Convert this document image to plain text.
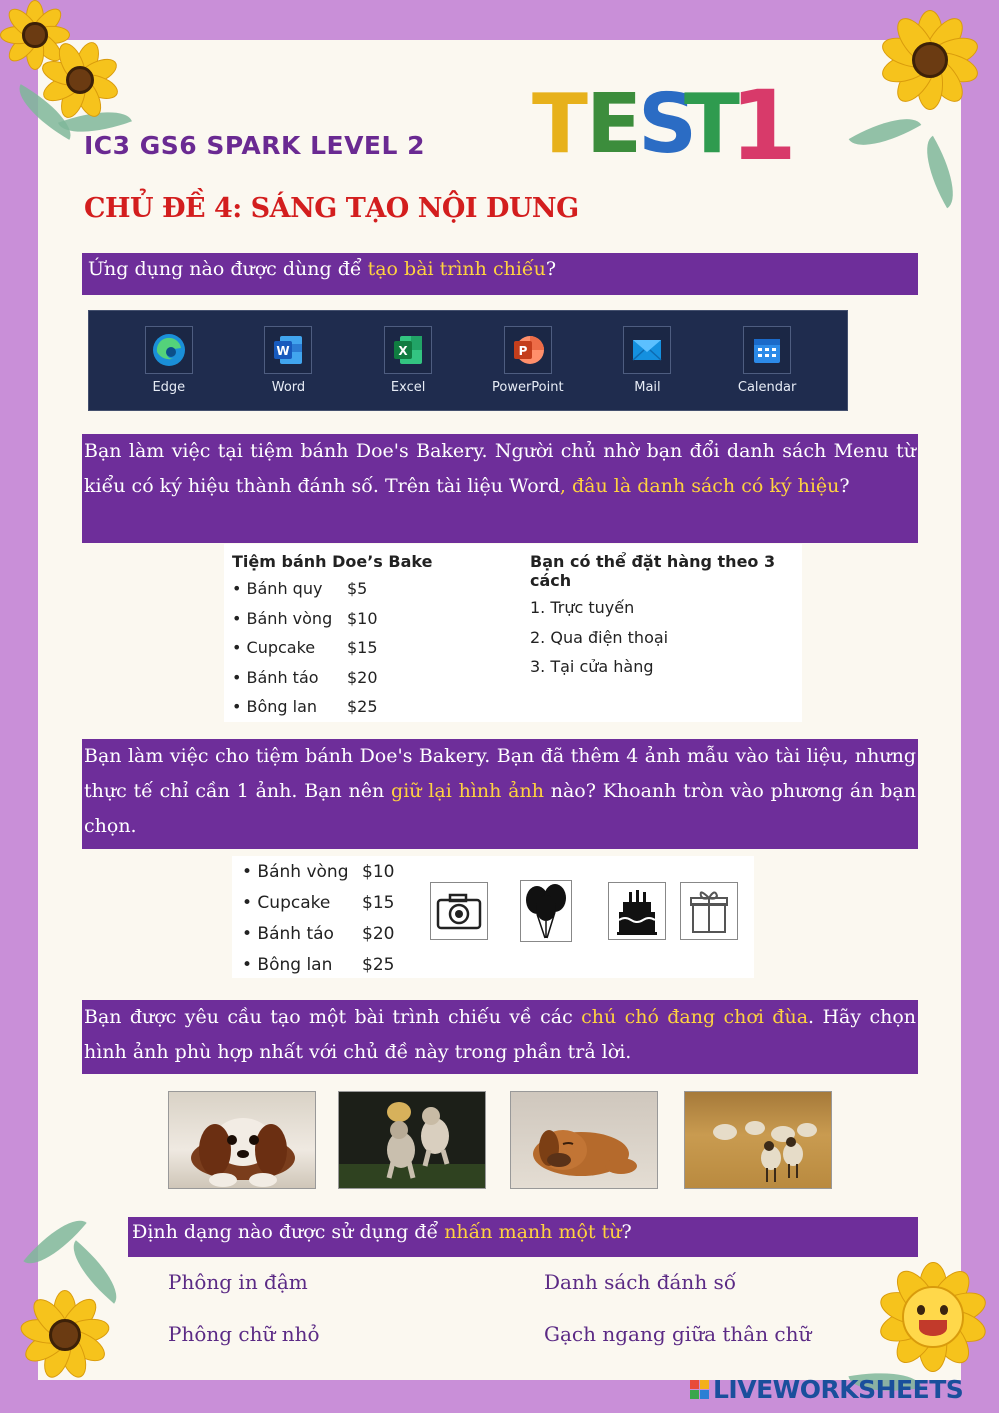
IC3 GS6 SPARK LEVEL 2
CHỦ ĐỀ 4: SÁNG TẠO NỘI DUNG
T
E
S
T
1
Ứng dụng nào được dùng để tạo bài trình chiếu?
Edge
W
Word
X
Excel
P
PowerPoint	Mail	Calendar

Bạn làm việc tại tiệm bánh Doe's Bakery. Người chủ nhờ bạn đổi danh sách Menu từ kiểu có ký hiệu thành đánh số. Trên tài liệu Word, đâu là danh sách có ký hiệu?

Tiệm bánh Doe’s Bake
• Bánh quy $5
• Bánh vòng $10
• Cupcake $15
• Bánh táo $20
• Bông lan $25
Bạn có thể đặt hàng theo 3 cách
1. Trực tuyến
2. Qua điện thoại
3. Tại cửa hàng

Bạn làm việc cho tiệm bánh Doe's Bakery. Bạn đã thêm 4 ảnh mẫu vào tài liệu, nhưng thực tế chỉ cần 1 ảnh. Bạn nên giữ lại hình ảnh nào? Khoanh tròn vào phương án bạn chọn.

• Bánh vòng $10
• Cupcake $15
• Bánh táo $20
• Bông lan $25

Bạn được yêu cầu tạo một bài trình chiếu về các chú chó đang chơi đùa. Hãy chọn hình ảnh phù hợp nhất với chủ đề này trong phần trả lời.

Định dạng nào được sử dụng để nhấn mạnh một từ?
Phông in đậm	Danh sách đánh số
Phông chữ nhỏ	Gạch ngang giữa thân chữ
LIVEWORKSHEETS
